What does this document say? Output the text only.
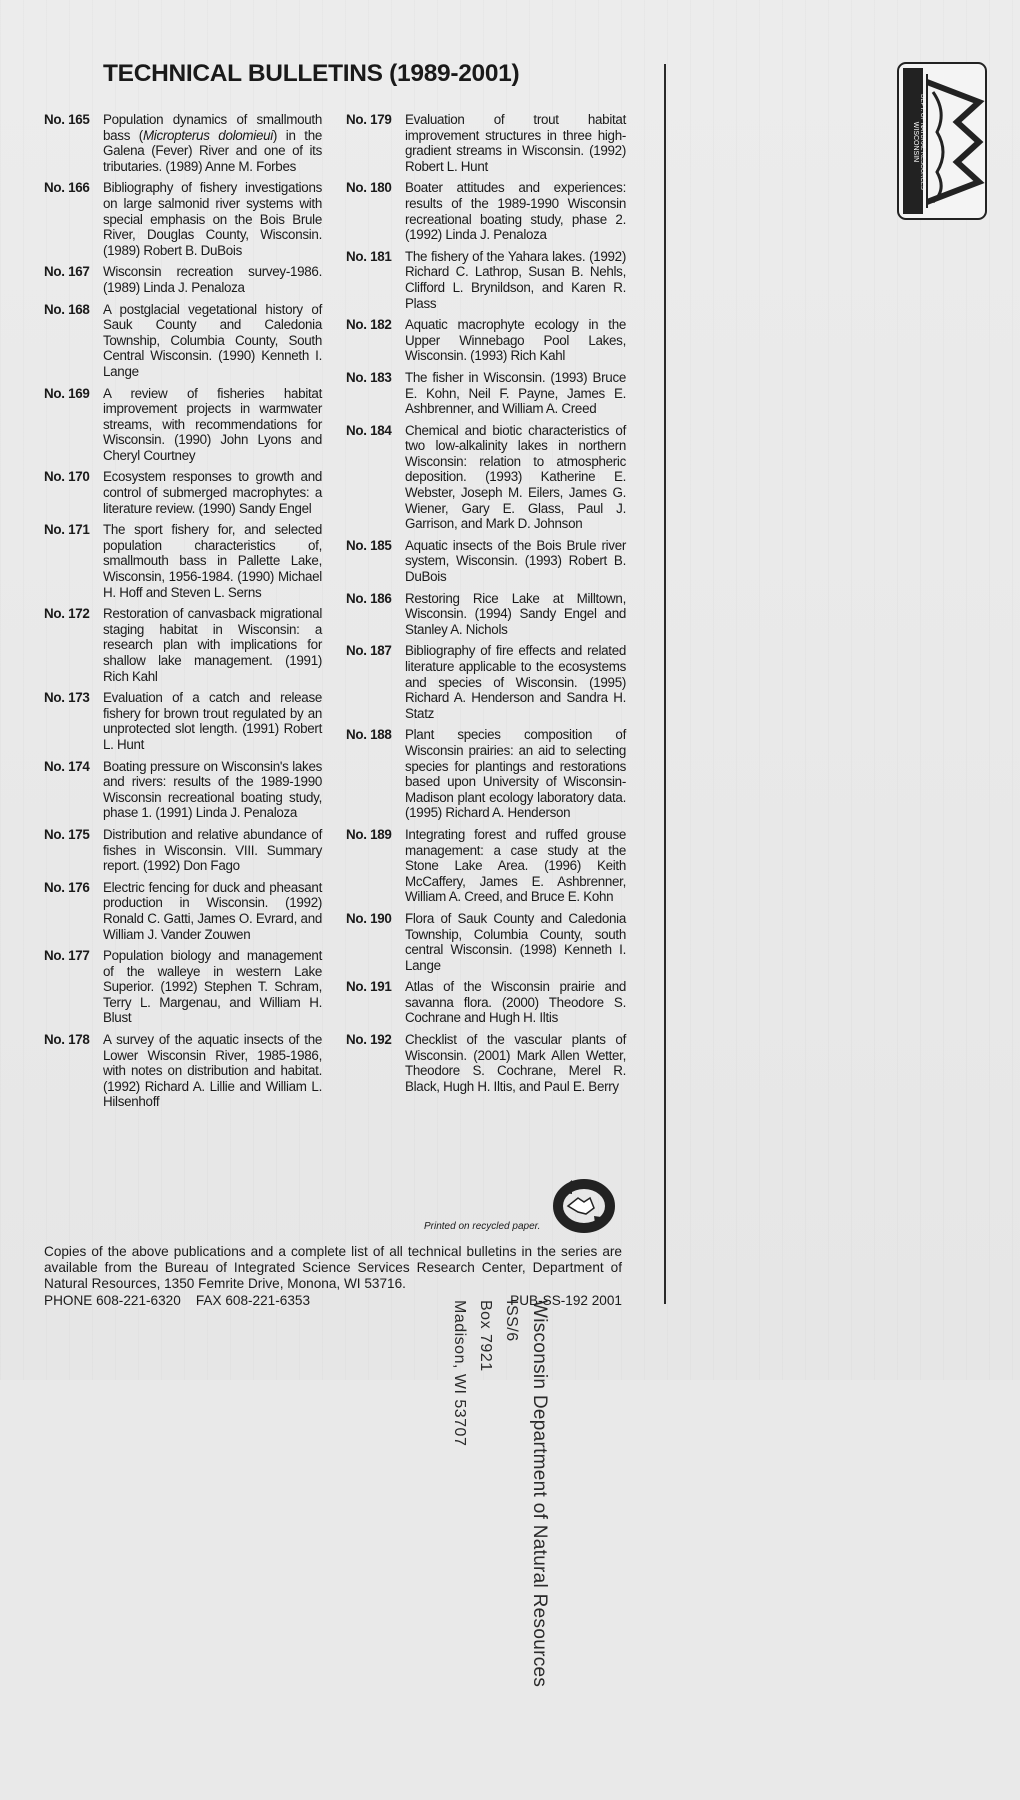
TECHNICAL BULLETINS (1989-2001)
No. 165	Population dynamics of smallmouth bass (Micropterus dolomieui) in the Galena (Fever) River and one of its tributaries. (1989) Anne M. Forbes
No. 166	Bibliography of fishery investigations on large salmonid river systems with special emphasis on the Bois Brule River, Douglas County, Wisconsin. (1989) Robert B. DuBois
No. 167	Wisconsin recreation survey-1986. (1989) Linda J. Penaloza
No. 168	A postglacial vegetational history of Sauk County and Caledonia Township, Columbia County, South Central Wisconsin. (1990) Kenneth I. Lange
No. 169	A review of fisheries habitat improvement projects in warmwater streams, with recommendations for Wisconsin. (1990) John Lyons and Cheryl Courtney
No. 170	Ecosystem responses to growth and control of submerged macrophytes: a literature review. (1990) Sandy Engel
No. 171	The sport fishery for, and selected population characteristics of, smallmouth bass in Pallette Lake, Wisconsin, 1956-1984. (1990) Michael H. Hoff and Steven L. Serns
No. 172	Restoration of canvasback migrational staging habitat in Wisconsin: a research plan with implications for shallow lake management. (1991) Rich Kahl
No. 173	Evaluation of a catch and release fishery for brown trout regulated by an unprotected slot length. (1991) Robert L. Hunt
No. 174	Boating pressure on Wisconsin's lakes and rivers: results of the 1989-1990 Wisconsin recreational boating study, phase 1. (1991) Linda J. Penaloza
No. 175	Distribution and relative abundance of fishes in Wisconsin. VIII. Summary report. (1992) Don Fago
No. 176	Electric fencing for duck and pheasant production in Wisconsin. (1992) Ronald C. Gatti, James O. Evrard, and William J. Vander Zouwen
No. 177	Population biology and management of the walleye in western Lake Superior. (1992) Stephen T. Schram, Terry L. Margenau, and William H. Blust
No. 178	A survey of the aquatic insects of the Lower Wisconsin River, 1985-1986, with notes on distribution and habitat. (1992) Richard A. Lillie and William L. Hilsenhoff
No. 179	Evaluation of trout habitat improvement structures in three high-gradient streams in Wisconsin. (1992) Robert L. Hunt
No. 180	Boater attitudes and experiences: results of the 1989-1990 Wisconsin recreational boating study, phase 2. (1992) Linda J. Penaloza
No. 181	The fishery of the Yahara lakes. (1992) Richard C. Lathrop, Susan B. Nehls, Clifford L. Brynildson, and Karen R. Plass
No. 182	Aquatic macrophyte ecology in the Upper Winnebago Pool Lakes, Wisconsin. (1993) Rich Kahl
No. 183	The fisher in Wisconsin. (1993) Bruce E. Kohn, Neil F. Payne, James E. Ashbrenner, and William A. Creed
No. 184	Chemical and biotic characteristics of two low-alkalinity lakes in northern Wisconsin: relation to atmospheric deposition. (1993) Katherine E. Webster, Joseph M. Eilers, James G. Wiener, Gary E. Glass, Paul J. Garrison, and Mark D. Johnson
No. 185	Aquatic insects of the Bois Brule river system, Wisconsin. (1993) Robert B. DuBois
No. 186	Restoring Rice Lake at Milltown, Wisconsin. (1994) Sandy Engel and Stanley A. Nichols
No. 187	Bibliography of fire effects and related literature applicable to the ecosystems and species of Wisconsin. (1995) Richard A. Henderson and Sandra H. Statz
No. 188	Plant species composition of Wisconsin prairies: an aid to selecting species for plantings and restorations based upon University of Wisconsin-Madison plant ecology laboratory data. (1995) Richard A. Henderson
No. 189	Integrating forest and ruffed grouse management: a case study at the Stone Lake Area. (1996) Keith McCaffery, James E. Ashbrenner, William A. Creed, and Bruce E. Kohn
No. 190	Flora of Sauk County and Caledonia Township, Columbia County, south central Wisconsin. (1998) Kenneth I. Lange
No. 191	Atlas of the Wisconsin prairie and savanna flora. (2000) Theodore S. Cochrane and Hugh H. Iltis
No. 192	Checklist of the vascular plants of Wisconsin. (2001) Mark Allen Wetter, Theodore S. Cochrane, Merel R. Black, Hugh H. Iltis, and Paul E. Berry
Printed on recycled paper.
Copies of the above publications and a complete list of all technical bulletins in the series are available from the Bureau of Integrated Science Services Research Center, Department of Natural Resources, 1350 Femrite Drive, Monona, WI 53716.
PHONE 608-221-6320    FAX 608-221-6353	PUB-SS-192 2001
Wisconsin Department of Natural Resources
ISS/6
Box 7921
Madison, WI 53707
WISCONSIN DEPT. OF NATURAL RESOURCES
